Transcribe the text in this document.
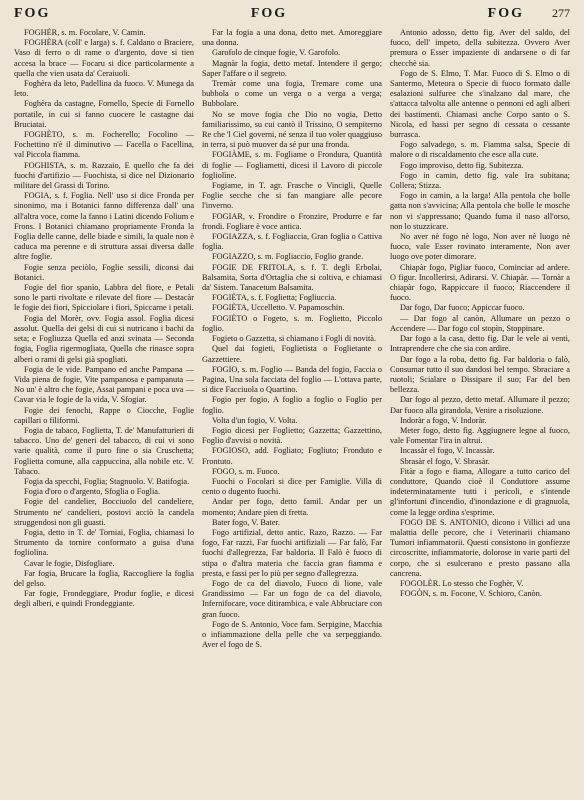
FOG	FOG	FOG 277

FOGHÈR, s. m. Focolare, V. Camin.

FOGHÈRA (coll' e larga) s. f. Caldano o Braciere, Vaso di ferro o di rame o d'argento, dove si tien accesa la brace — Focaru si dice particolarmente a quella che vien usata da' Ceraiuoli.

Foghèra da leto, Padellina da fuoco. V. Munega da leto.

Foghèra da castagne, Fornello, Specie di Fornello portatile, in cui si fanno cuocere le castagne dai Bruciatai.

FOGHÈTO, s. m. Focherello; Focolino — Fochettino n'è il diminutivo — Facella o Facellina, val Piccola fiamma.

FOGHISTA, s. m. Razzaio, E quello che fa dei fuochi d'artifizio — Fuochista, si dice nel Dizionario militare del Grassi di Torino.

FOGIA, s. f. Foglia. Nell' uso si dice Fronda per sinonimo, ma i Botanici fanno differenza dall' una all'altra voce, come la fanno i Latini dicendo Folium e Frons. I Botanici chiamano propriamente Fronda la Foglia delle canne, delle biade e simili, la quale non è caduca ma perenne e di struttura assai diversa dalle altre foglie.

Fogie senza peciòlo, Foglie sessili, diconsi dai Botanici.

Fogie del fior spanìo, Labbra del fiore, e Petali sono le parti rivoltate e rilevate del fiore — Destacàr le fogie dei fiori, Spicciolare i fiori, Spiccarne i petali.

Fogia del Morèr, ovv. Fogia assol. Foglia dicesi assolut. Quella dei gelsi di cui si nutricano i bachi da seta; e Fogliuzza Quella ed anzi svinata — Seconda fogia, Foglia rigermogliata, Quella che rinasce sopra alberi o rami di gelsi già spogliati.

Fogia de le vide. Pampano ed anche Pampana — Vida piena de fogie, Vite pampanosa e pampanuta — No un' è altro che fogie, Assai pampani e poca uva — Cavar via le fogie de la vida, V. Sfogiar.

Fogie dei fenochi, Rappe o Ciocche, Foglie capillari o filiformi.

Fogia de tabaco, Foglietta, T. de' Manufatturieri di tabacco. Uno de' generi del tabacco, di cui vi sono varie qualità, come il puro fine o sia Cruschetta; Foglietta comune, alla cappuccina, alla nobile etc. V. Tabaco.

Fogia da specchi, Foglia; Stagnuolo. V. Batifogia.

Fogia d'oro o d'argento, Sfoglia o Foglia.

Fogie del candelier, Bocciuolo del candeliere, Strumento ne' candelieri, postovi acciò la candela struggendosi non gli guasti.

Fogia, detto in T. de' Torniai, Foglia, chiamasi lo Strumento da tornire conformato a guisa d'una fogliolina.

Cavar le fogie, Disfogliare.

Far fogia, Brucare la foglia, Raccogliere la foglia del gelso.

Far fogie, Frondeggiare, Produr foglie, e dicesi degli alberi, e quindi Frondeggiante.

Far la fogia a una dona, detto met. Amoreggiare una donna.

Garofolo de cinque fogie, V. Garofolo.

Magnàr la fogia, detto metaf. Intendere il gergo; Saper l'affare o il segreto.

Tremàr come una fogia, Tremare come una bubbola o come un verga o a verga a verga; Bubbolare.

No se move fogia che Dio no vogia, Detto familiarissimo, su cui cantò il Trissino, O sempiterno Re che 'l Ciel governi, né senza il tuo voler quaggiuso in terra, si può muover da sé pur una fronda.

FOGIÀME, s. m. Fogliame o Frondura, Quantità di foglie — Fogliametti, dicesi il Lavoro di piccole fogliolìne.

Fogiame, in T. agr. Frasche o Vincigli, Quelle Foglie secche che si fan mangiare alle pecore l'inverno.

FOGIAR, v. Frondire o Fronzire, Produrre e far frondi. Fogliare è voce antica.

FOGIAZZA, s. f. Fogliaccia, Gran foglia o Cattiva foglia.

FOGIAZZO, s. m. Fogliaccio, Foglio grande.

FOGIE DE FRITOLA, s. f. T. degli Erbolai, Balsamita, Sorta d'Ortaglia che si coltiva, e chiamasi da' Sistem. Tanacetum Balsamita.

FOGIÈTA, s. f. Foglietta; Fogliuccia.

FOGIÈTA, Uccelletto. V. Papamoschin.

FOGIÈTO o Fogeto, s. m. Foglietto, Piccolo foglio.

Fogieto o Gazzetta, si chiamano i Fogli di novità.

Quel dai fogieti, Foglietista o Foglietante o Gazzettiere.

FOGIO, s. m. Foglio — Banda del fogio, Faccia o Pagina, Una sola facciata del foglio — L'ottava parte, si dice Facciuola o Quartino.

Fogio per fogio, A foglio a foglio o Foglio per foglio.

Volta d'un fogio, V. Volta.

Fogio dicesi per Foglietto; Gazzetta; Gazzettino, Foglio d'avvisi o novità.

FOGIOSO, add. Fogliato; Fogliuto; Fronduto e Frontuto.

FOGO, s. m. Fuoco.

Fuochi o Focolari si dice per Famiglie. Villa di cento o dugento fuochi.

Andar per fogo, detto famil. Andar per un momento; Andare pien di fretta.

Bater fogo, V. Bater.

Fogo artifizial, detto antic. Razo, Razzo. — Far fogo, Far razzi, Far fuochi artifiziali — Far falò, Far fuochi d'allegrezza, Far baldoria. Il Falò è fuoco di stipa o d'altra materia che faccia gran fiamma e presta, e fassi per lo più per segno d'allegrezza.

Fogo de ca del diavolo, Fuoco di lione, vale Grandissimo — Far un fogo de ca del diavolo, Infernifocare, voce ditirambica, e vale Abbruciare con gran fuoco.

Fogo de S. Antonio, Voce fam. Serpigine, Macchia o infiammazione della pelle che va serpeggiando. Aver el fogo de S.

Antonio adosso, detto fig. Aver del saldo, del fuoco, dell' impeto, della subitezza. Ovvero Aver premura o Esser impaziente di andarsene o di far checchè sia.

Fogo de S. Elmo, T. Mar. Fuoco di S. Elmo o di Santermo, Meteora o Specie di fuoco formato dalle esalazioni sulfuree che s'inalzano dal mare, che s'attacca talvolta alle antenne o pennoni ed agli alberi dei bastimenti. Chiamasi anche Corpo santo o S. Nicola, ed hassi per segno di cessata o cessante burrasca.

Fogo salvadego, s. m. Fiamma salsa, Specie di malore o di riscaldamento che esce alla cute.

Fogo improviso, detto fig. Subitezza.

Fogo in camin, detto fig. vale Ira subitana; Collera; Stizza.

Fogo in camin, a la larga! Alla pentola che bolle gatta non s'avvicina; Alla pentola che bolle le mosche non vi s'appressano; Quando fuma il naso all'orso, non lo stuzzicare.

No aver nè fogo nè logo, Non aver nè luogo nè fuoco, vale Esser rovinato interamente, Non aver luogo ove poter dimorare.

Chiapàr fogo, Pigliar fuoco, Cominciar ad ardere. O figur. Incollerirsi, Adirarsi. V. Chiapàr. — Tornàr a chiapàr fogo, Rappiccare il fuoco; Riaccendere il fuoco.

Dar fogo, Dar fuoco; Appiccar fuoco.

— Dar fogo al canòn, Allumare un pezzo o Accendere — Dar fogo col stopìn, Stoppinare.

Dar fogo a la casa, detto fig. Dar le vele ai venti, Intraprendere che che sia con ardire.

Dar fogo a la roba, detto fig. Far baldoria o falò, Consumar tutto il suo dandosi bel tempo. Sbraciare a ruotoli; Scialare o Dissipare il suo; Far del ben bellezza.

Dar fogo al pezzo, detto metaf. Allumare il pezzo; Dar fuoco alla girandola, Venire a risoluzione.

Indoràr a fogo, V. Indoràr.

Meter fogo, detto fig. Aggiugnere legne al fuoco, vale Fomentar l'ira in altrui.

Incassàr el fogo, V. Incassàr.

Sbrasàr el fogo, V. Sbrasàr.

Fitàr a fogo e fiama, Allogare a tutto carico del conduttore, Quando cioè il Conduttore assume indeterminatamente tutti i pericoli, e s'intende gl'infortuni d'incendio, d'inondazione e di gragnuola, come la legge ordina s'esprime.

FOGO DE S. ANTONIO, dicono i Villici ad una malattia delle pecore, che i Veterinarii chiamano Tumori infiammatorii. Questi consistono in gonfiezze circoscritte, infiammatorie, dolorose in varie parti del corpo, che si esulcerano e presto passano alla cancrena.

FOGOLÈR. Lo stesso che Foghèr, V.

FOGÒN, s. m. Focone, V. Schioro, Canòn.
